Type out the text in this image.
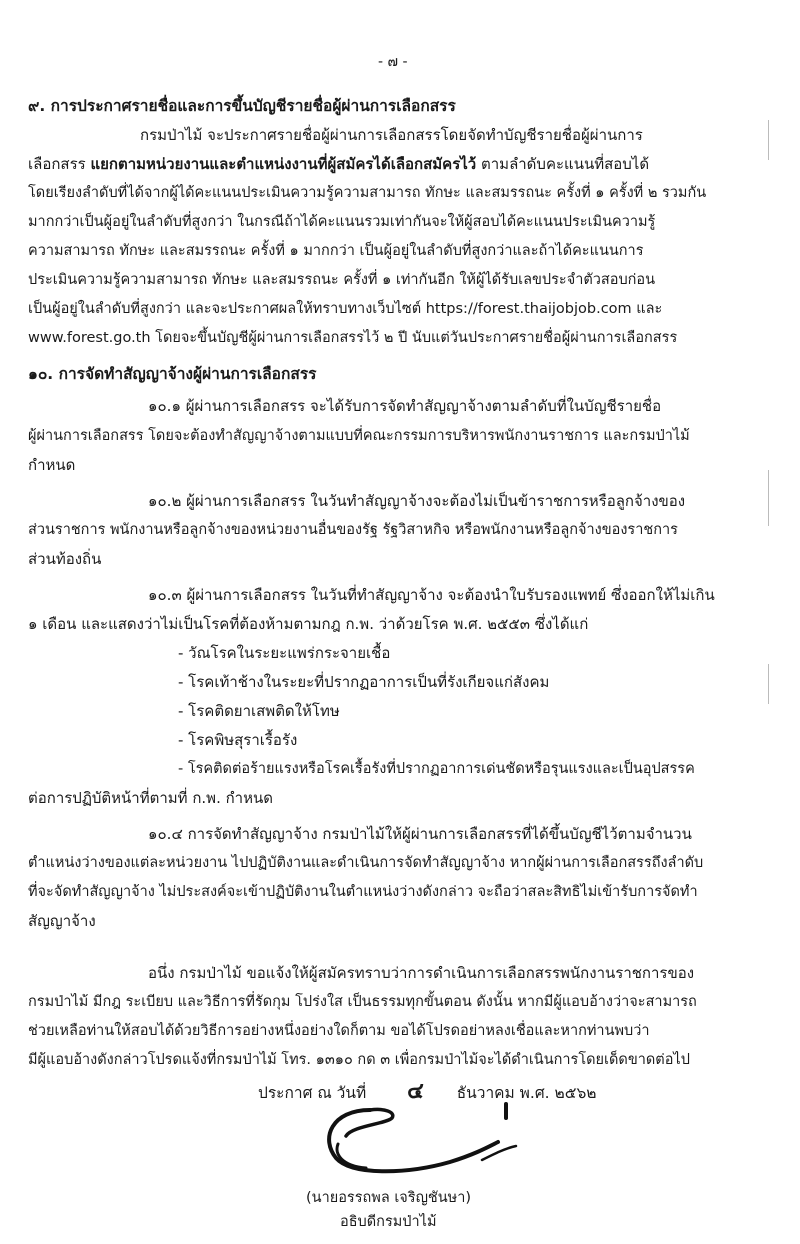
- ๗ -
๙. การประกาศรายชื่อและการขึ้นบัญชีรายชื่อผู้ผ่านการเลือกสรร
กรมป่าไม้ จะประกาศรายชื่อผู้ผ่านการเลือกสรรโดยจัดทำบัญชีรายชื่อผู้ผ่านการ
เลือกสรร แยกตามหน่วยงานและตำแหน่งงานที่ผู้สมัครได้เลือกสมัครไว้ ตามลำดับคะแนนที่สอบได้
โดยเรียงลำดับที่ได้จากผู้ได้คะแนนประเมินความรู้ความสามารถ ทักษะ และสมรรถนะ ครั้งที่ ๑ ครั้งที่ ๒ รวมกัน
มากกว่าเป็นผู้อยู่ในลำดับที่สูงกว่า ในกรณีถ้าได้คะแนนรวมเท่ากันจะให้ผู้สอบได้คะแนนประเมินความรู้
ความสามารถ ทักษะ และสมรรถนะ ครั้งที่ ๑ มากกว่า เป็นผู้อยู่ในลำดับที่สูงกว่าและถ้าได้คะแนนการ
ประเมินความรู้ความสามารถ ทักษะ และสมรรถนะ ครั้งที่ ๑ เท่ากันอีก ให้ผู้ได้รับเลขประจำตัวสอบก่อน
เป็นผู้อยู่ในลำดับที่สูงกว่า และจะประกาศผลให้ทราบทางเว็บไซต์ https://forest.thaijobjob.com และ
www.forest.go.th โดยจะขึ้นบัญชีผู้ผ่านการเลือกสรรไว้ ๒ ปี นับแต่วันประกาศรายชื่อผู้ผ่านการเลือกสรร
๑๐. การจัดทำสัญญาจ้างผู้ผ่านการเลือกสรร
๑๐.๑ ผู้ผ่านการเลือกสรร จะได้รับการจัดทำสัญญาจ้างตามลำดับที่ในบัญชีรายชื่อ
ผู้ผ่านการเลือกสรร โดยจะต้องทำสัญญาจ้างตามแบบที่คณะกรรมการบริหารพนักงานราชการ และกรมป่าไม้
กำหนด
๑๐.๒ ผู้ผ่านการเลือกสรร ในวันทำสัญญาจ้างจะต้องไม่เป็นข้าราชการหรือลูกจ้างของ
ส่วนราชการ พนักงานหรือลูกจ้างของหน่วยงานอื่นของรัฐ รัฐวิสาหกิจ หรือพนักงานหรือลูกจ้างของราชการ
ส่วนท้องถิ่น
๑๐.๓ ผู้ผ่านการเลือกสรร ในวันที่ทำสัญญาจ้าง จะต้องนำใบรับรองแพทย์ ซึ่งออกให้ไม่เกิน
๑ เดือน และแสดงว่าไม่เป็นโรคที่ต้องห้ามตามกฎ ก.พ. ว่าด้วยโรค พ.ศ. ๒๕๕๓ ซึ่งได้แก่
- วัณโรคในระยะแพร่กระจายเชื้อ
- โรคเท้าช้างในระยะที่ปรากฏอาการเป็นที่รังเกียจแก่สังคม
- โรคติดยาเสพติดให้โทษ
- โรคพิษสุราเรื้อรัง
- โรคติดต่อร้ายแรงหรือโรคเรื้อรังที่ปรากฏอาการเด่นชัดหรือรุนแรงและเป็นอุปสรรค
ต่อการปฏิบัติหน้าที่ตามที่ ก.พ. กำหนด
๑๐.๔ การจัดทำสัญญาจ้าง กรมป่าไม้ให้ผู้ผ่านการเลือกสรรที่ได้ขึ้นบัญชีไว้ตามจำนวน
ตำแหน่งว่างของแต่ละหน่วยงาน ไปปฏิบัติงานและดำเนินการจัดทำสัญญาจ้าง หากผู้ผ่านการเลือกสรรถึงลำดับ
ที่จะจัดทำสัญญาจ้าง ไม่ประสงค์จะเข้าปฏิบัติงานในตำแหน่งว่างดังกล่าว จะถือว่าสละสิทธิไม่เข้ารับการจัดทำ
สัญญาจ้าง
อนึ่ง กรมป่าไม้ ขอแจ้งให้ผู้สมัครทราบว่าการดำเนินการเลือกสรรพนักงานราชการของ
กรมป่าไม้ มีกฎ ระเบียบ และวิธีการที่รัดกุม โปร่งใส เป็นธรรมทุกขั้นตอน ดังนั้น หากมีผู้แอบอ้างว่าจะสามารถ
ช่วยเหลือท่านให้สอบได้ด้วยวิธีการอย่างหนึ่งอย่างใดก็ตาม ขอได้โปรดอย่าหลงเชื่อและหากท่านพบว่า
มีผู้แอบอ้างดังกล่าวโปรดแจ้งที่กรมป่าไม้ โทร. ๑๓๑๐ กด ๓ เพื่อกรมป่าไม้จะได้ดำเนินการโดยเด็ดขาดต่อไป
ประกาศ ณ วันที่ ๔ ธันวาคม พ.ศ. ๒๕๖๒
(นายอรรถพล เจริญชันษา)
อธิบดีกรมป่าไม้
